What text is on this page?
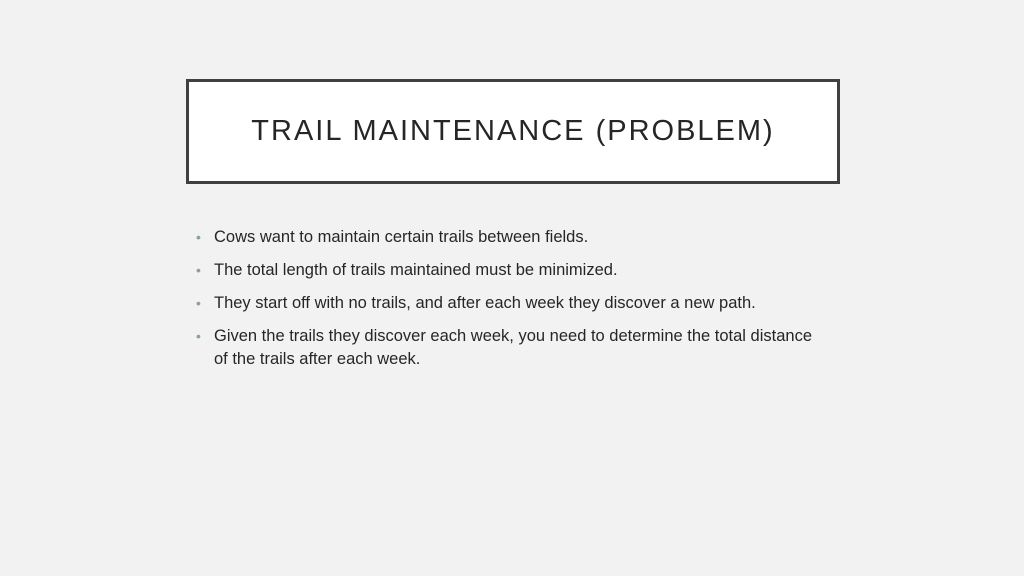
TRAIL MAINTENANCE (PROBLEM)
• Cows want to maintain certain trails between fields.
• The total length of trails maintained must be minimized.
• They start off with no trails, and after each week they discover a new path.
• Given the trails they discover each week, you need to determine the total distance of the trails after each week.
